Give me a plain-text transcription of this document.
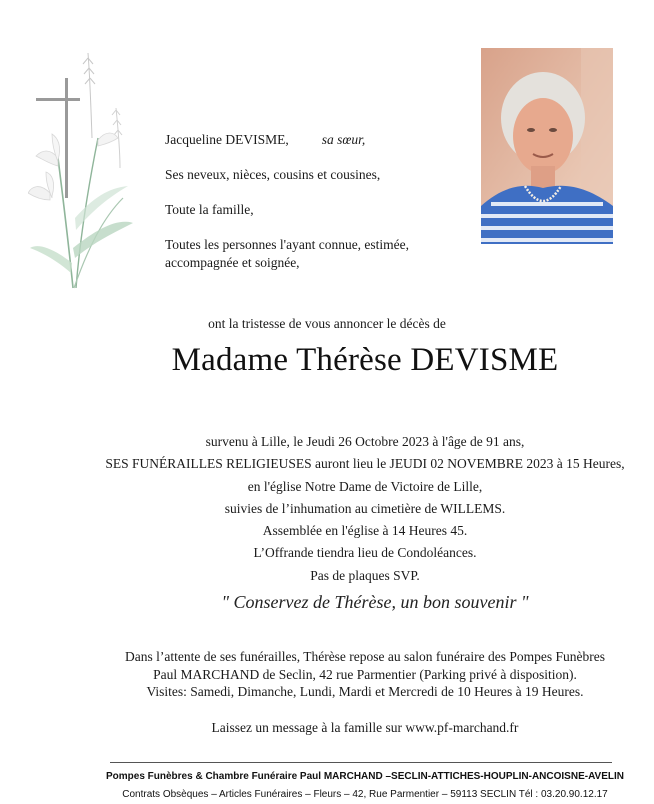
Jacqueline DEVISME, sa sœur,

Ses neveux, nièces, cousins et cousines,

Toute la famille,

Toutes les personnes l'ayant connue, estimée,

accompagnée et soignée,

ont la tristesse de vous annoncer le décès de
Madame Thérèse DEVISME
survenu à Lille, le Jeudi 26 Octobre 2023 à l'âge de 91 ans,
SES FUNÉRAILLES RELIGIEUSES auront lieu le JEUDI 02 NOVEMBRE 2023 à 15 Heures,
en l'église Notre Dame de Victoire de Lille,
suivies de l’inhumation au cimetière de WILLEMS.
Assemblée en l'église à 14 Heures 45.
L’Offrande tiendra lieu de Condoléances.
Pas de plaques SVP.
" Conservez de Thérèse, un bon souvenir "
Dans l’attente de ses funérailles, Thérèse repose au salon funéraire des Pompes Funèbres
Paul MARCHAND de Seclin, 42 rue Parmentier (Parking privé à disposition).
Visites: Samedi, Dimanche, Lundi, Mardi et Mercredi de 10 Heures à 19 Heures.
Laissez un message à la famille sur www.pf-marchand.fr
Pompes Funèbres & Chambre Funéraire Paul MARCHAND –SECLIN-ATTICHES-HOUPLIN-ANCOISNE-AVELIN
Contrats Obsèques – Articles Funéraires – Fleurs – 42, Rue Parmentier – 59113 SECLIN Tél : 03.20.90.12.17
